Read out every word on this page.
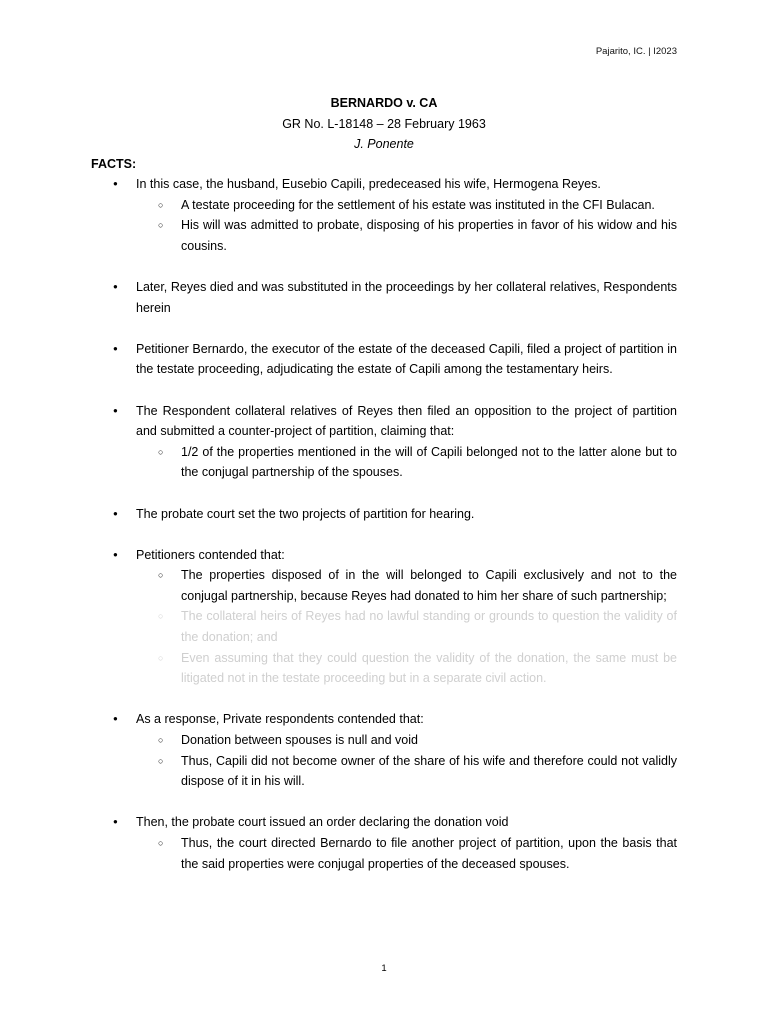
Pajarito, IC. | I2023
BERNARDO v. CA
GR No. L-18148 – 28 February 1963
J. Ponente
FACTS:
● In this case, the husband, Eusebio Capili, predeceased his wife, Hermogena Reyes.
○ A testate proceeding for the settlement of his estate was instituted in the CFI Bulacan.
○ His will was admitted to probate, disposing of his properties in favor of his widow and his cousins.
● Later, Reyes died and was substituted in the proceedings by her collateral relatives, Respondents herein
● Petitioner Bernardo, the executor of the estate of the deceased Capili, filed a project of partition in the testate proceeding, adjudicating the estate of Capili among the testamentary heirs.
● The Respondent collateral relatives of Reyes then filed an opposition to the project of partition and submitted a counter-project of partition, claiming that:
○ 1/2 of the properties mentioned in the will of Capili belonged not to the latter alone but to the conjugal partnership of the spouses.
● The probate court set the two projects of partition for hearing.
● Petitioners contended that:
○ The properties disposed of in the will belonged to Capili exclusively and not to the conjugal partnership, because Reyes had donated to him her share of such partnership;
○ The collateral heirs of Reyes had no lawful standing or grounds to question the validity of the donation; and
○ Even assuming that they could question the validity of the donation, the same must be litigated not in the testate proceeding but in a separate civil action.
● As a response, Private respondents contended that:
○ Donation between spouses is null and void
○ Thus, Capili did not become owner of the share of his wife and therefore could not validly dispose of it in his will.
● Then, the probate court issued an order declaring the donation void
○ Thus, the court directed Bernardo to file another project of partition, upon the basis that the said properties were conjugal properties of the deceased spouses.
1
